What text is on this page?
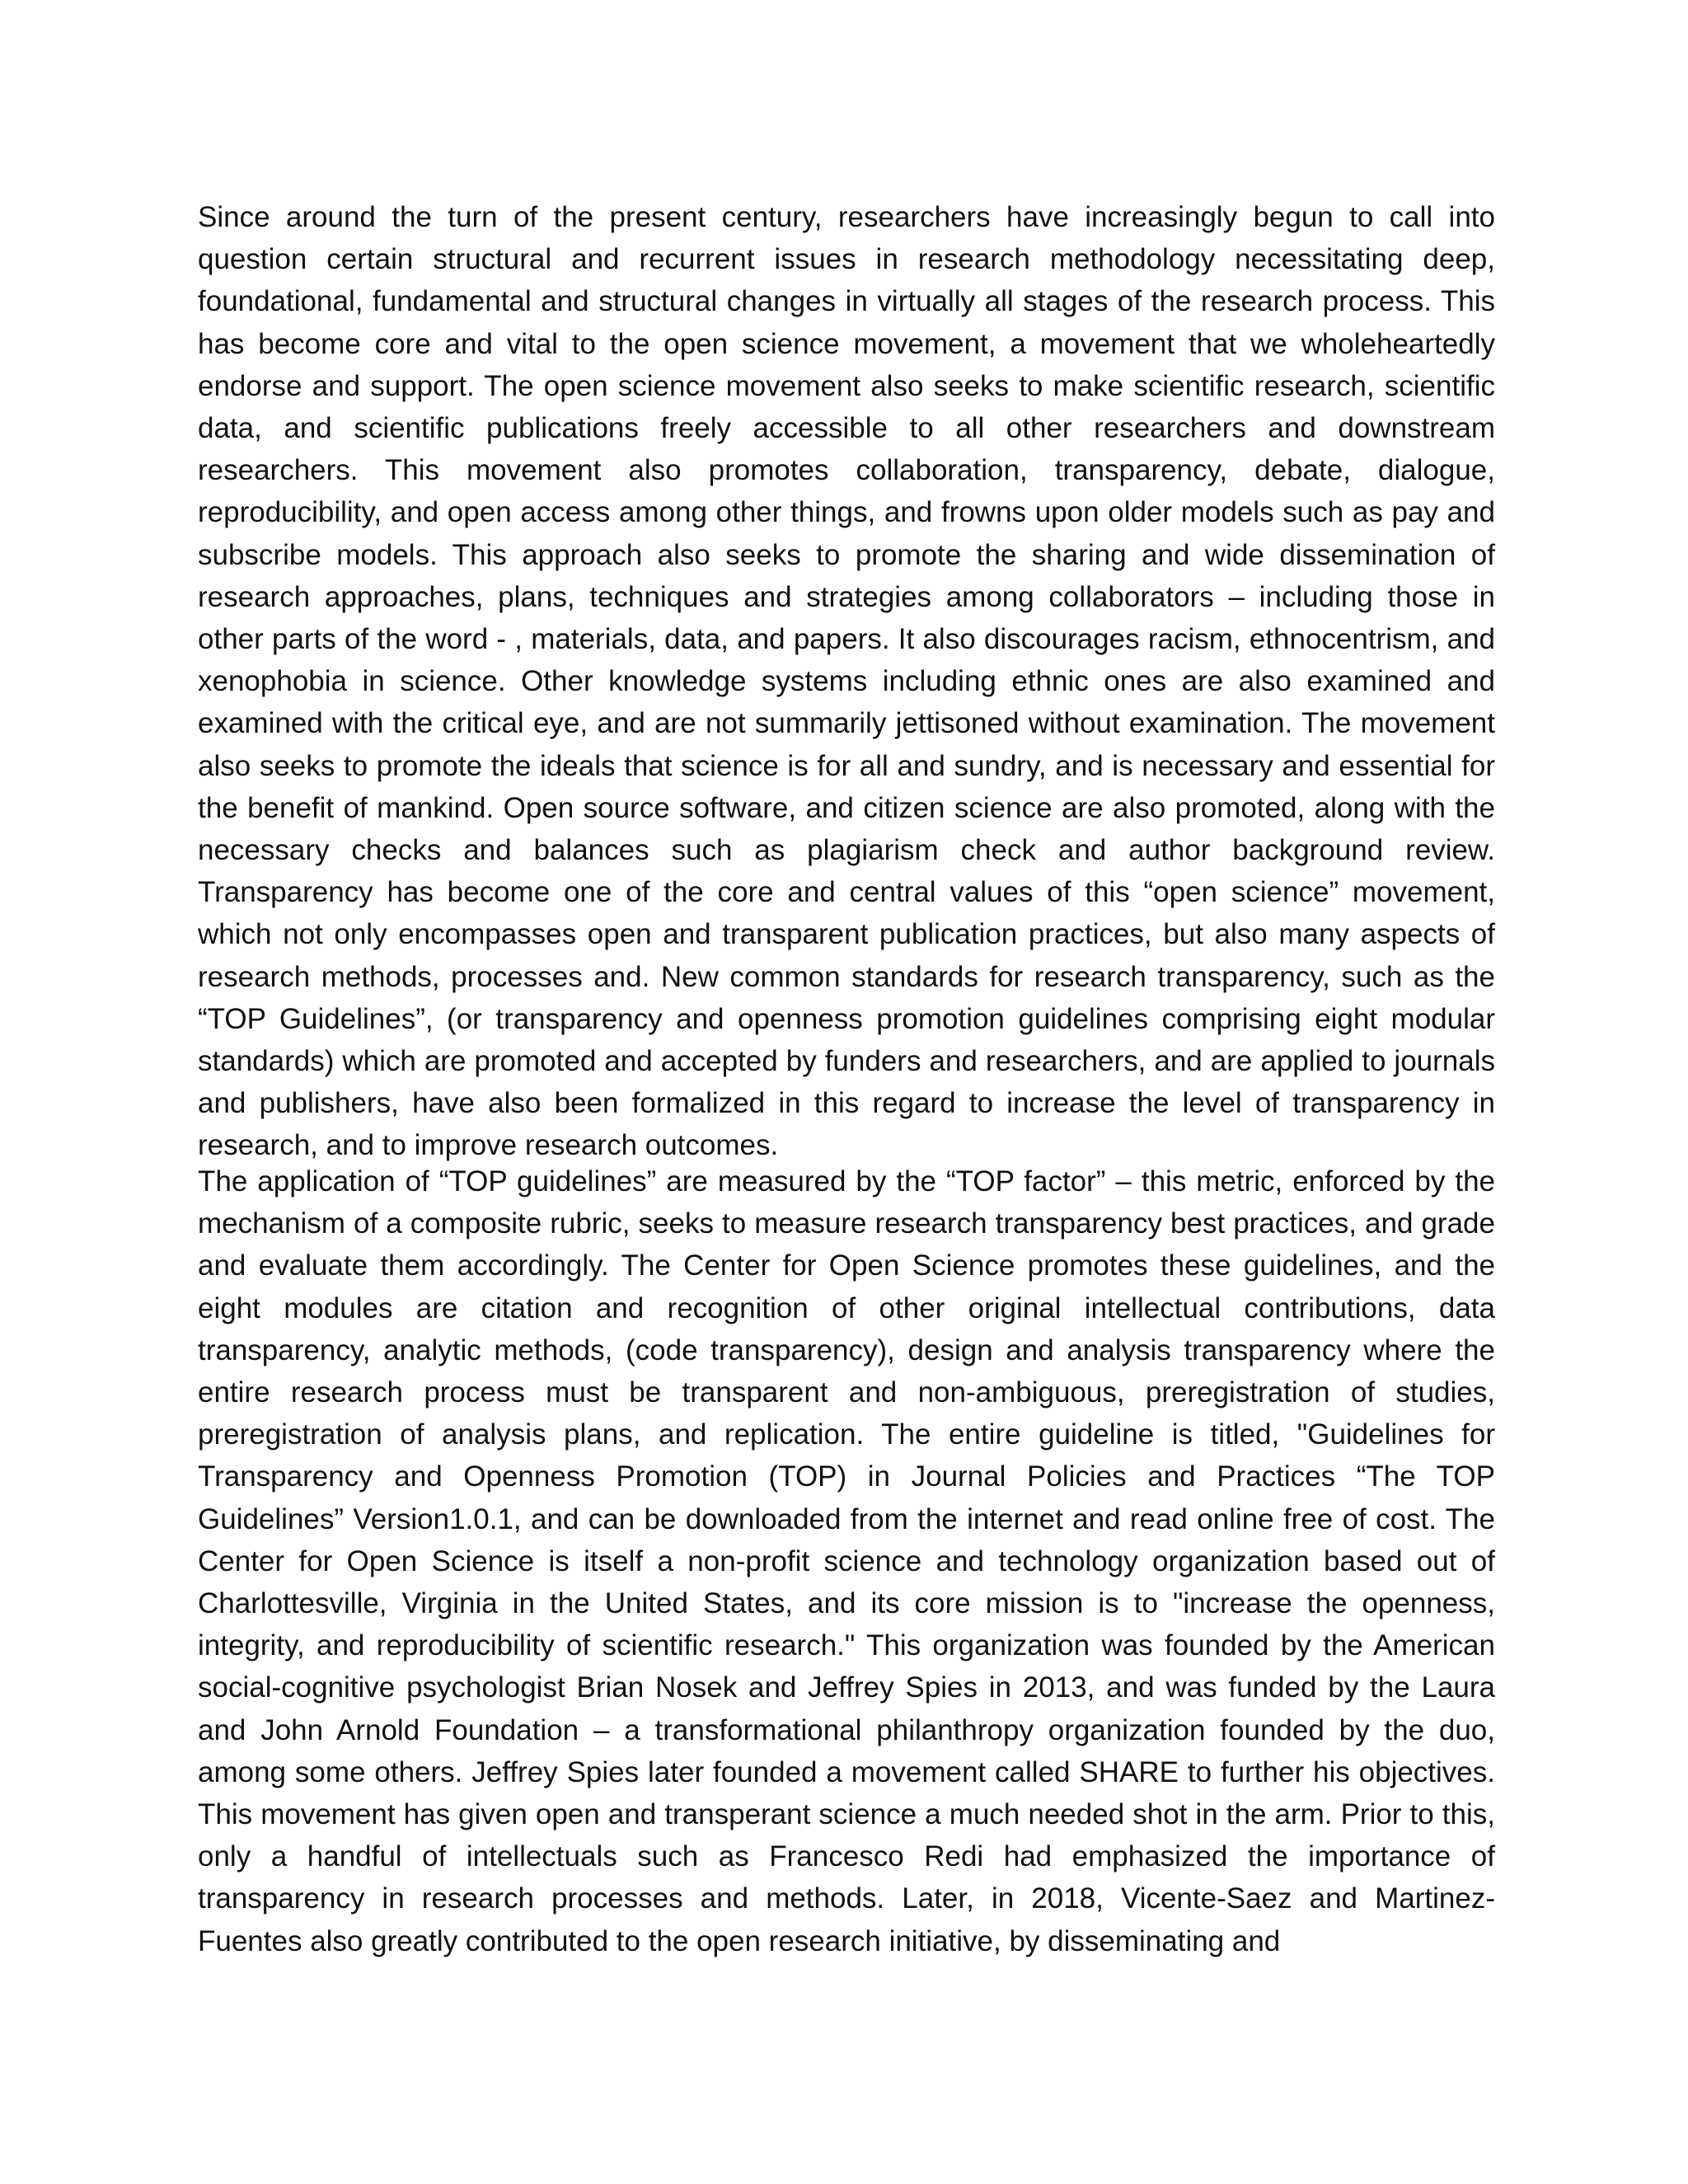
Since around the turn of the present century, researchers have increasingly begun to call into question certain structural and recurrent issues in research methodology necessitating deep, foundational, fundamental and structural changes in virtually all stages of the research process. This has become core and vital to the open science movement, a movement that we wholeheartedly endorse and support. The open science movement also seeks to make scientific research, scientific data, and scientific publications freely accessible to all other researchers and downstream researchers. This movement also promotes collaboration, transparency, debate, dialogue, reproducibility, and open access among other things, and frowns upon older models such as pay and subscribe models. This approach also seeks to promote the sharing and wide dissemination of research approaches, plans, techniques and strategies among collaborators – including those in other parts of the word - , materials, data, and papers. It also discourages racism, ethnocentrism, and xenophobia in science. Other knowledge systems including ethnic ones are also examined and examined with the critical eye, and are not summarily jettisoned without examination. The movement also seeks to promote the ideals that science is for all and sundry, and is necessary and essential for the benefit of mankind. Open source software, and citizen science are also promoted, along with the necessary checks and balances such as plagiarism check and author background review. Transparency has become one of the core and central values of this “open science” movement, which not only encompasses open and transparent publication practices, but also many aspects of research methods, processes and. New common standards for research transparency, such as the “TOP Guidelines”, (or transparency and openness promotion guidelines comprising eight modular standards) which are promoted and accepted by funders and researchers, and are applied to journals and publishers, have also been formalized in this regard to increase the level of transparency in research, and to improve research outcomes.

The application of “TOP guidelines” are measured by the “TOP factor” – this metric, enforced by the mechanism of a composite rubric, seeks to measure research transparency best practices, and grade and evaluate them accordingly. The Center for Open Science promotes these guidelines, and the eight modules are citation and recognition of other original intellectual contributions, data transparency, analytic methods, (code transparency), design and analysis transparency where the entire research process must be transparent and non-ambiguous, preregistration of studies, preregistration of analysis plans, and replication. The entire guideline is titled, "Guidelines for Transparency and Openness Promotion (TOP) in Journal Policies and Practices “The TOP Guidelines” Version1.0.1, and can be downloaded from the internet and read online free of cost. The Center for Open Science is itself a non-profit science and technology organization based out of Charlottesville, Virginia in the United States, and its core mission is to "increase the openness, integrity, and reproducibility of scientific research." This organization was founded by the American social-cognitive psychologist Brian Nosek and Jeffrey Spies in 2013, and was funded by the Laura and John Arnold Foundation – a transformational philanthropy organization founded by the duo, among some others. Jeffrey Spies later founded a movement called SHARE to further his objectives. This movement has given open and transperant science a much needed shot in the arm. Prior to this, only a handful of intellectuals such as Francesco Redi had emphasized the importance of transparency in research processes and methods. Later, in 2018, Vicente-Saez and Martinez-Fuentes also greatly contributed to the open research initiative, by disseminating and
